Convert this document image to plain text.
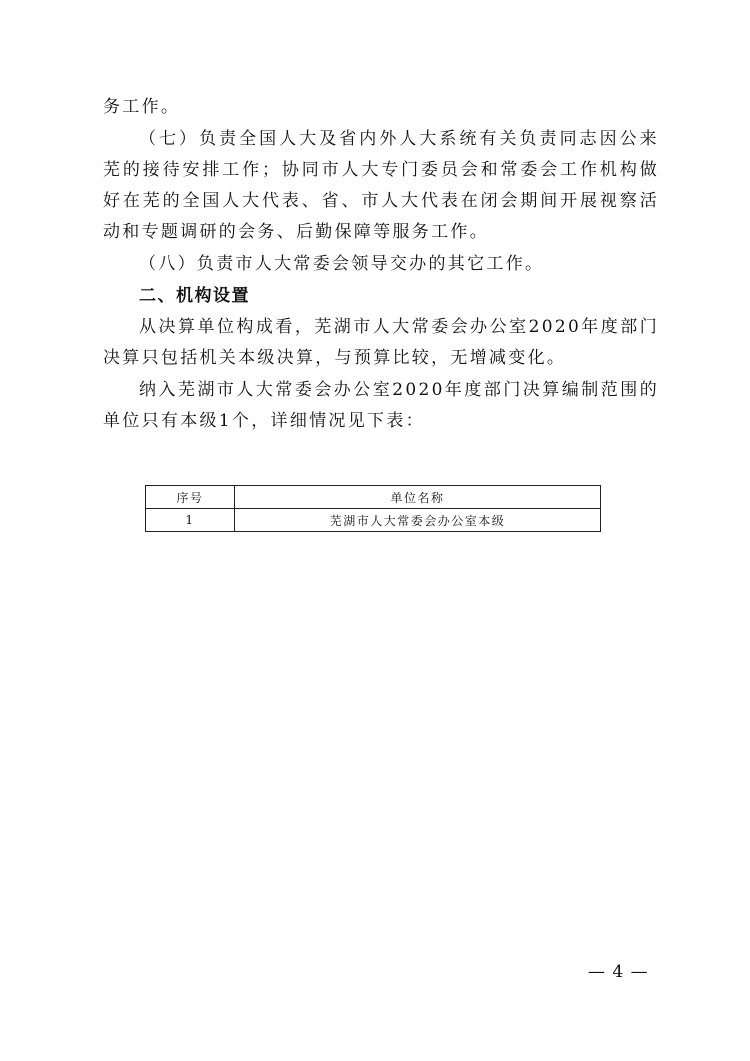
务工作。

（七）负责全国人大及省内外人大系统有关负责同志因公来芜的接待安排工作；协同市人大专门委员会和常委会工作机构做好在芜的全国人大代表、省、市人大代表在闭会期间开展视察活动和专题调研的会务、后勤保障等服务工作。

（八）负责市人大常委会领导交办的其它工作。

二、机构设置

从决算单位构成看，芜湖市人大常委会办公室2020年度部门决算只包括机关本级决算，与预算比较，无增减变化。

纳入芜湖市人大常委会办公室2020年度部门决算编制范围的单位只有本级1个，详细情况见下表：

序号	单位名称
1	芜湖市人大常委会办公室本级
— 4 —
